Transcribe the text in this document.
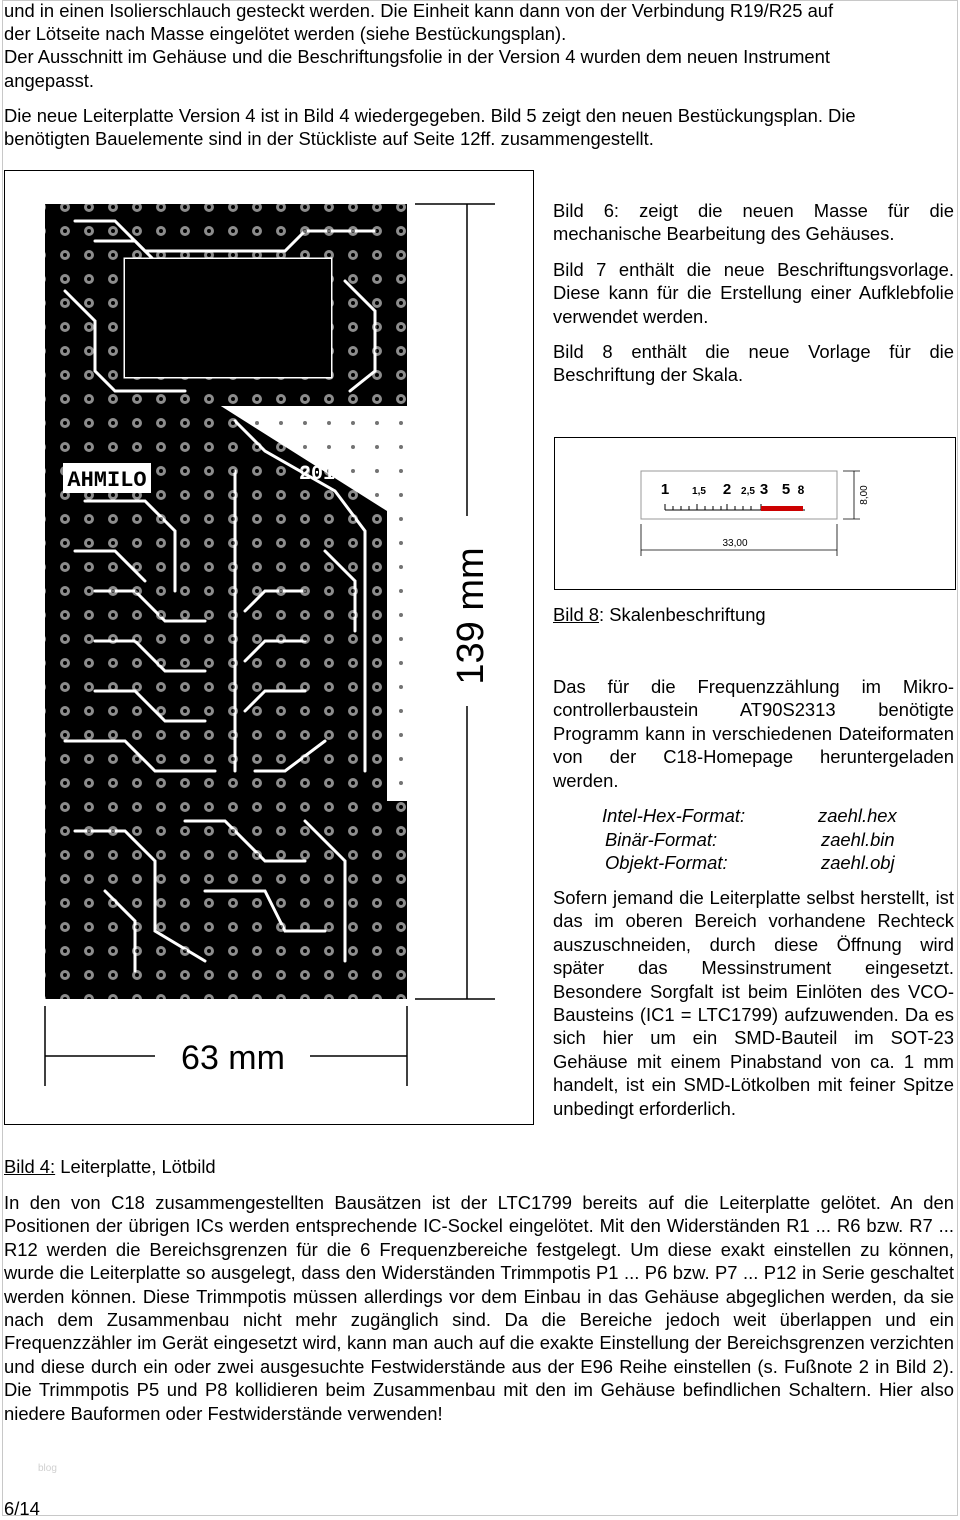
und in einen Isolierschlauch gesteckt werden. Die Einheit kann dann von der Verbindung R19/R25 auf

der Lötseite nach Masse eingelötet werden (siehe Bestückungsplan).

Der Ausschnitt im Gehäuse und die Beschriftungsfolie in der Version 4 wurden dem neuen Instrument

angepasst.

Die neue Leiterplatte Version 4 ist in Bild 4 wiedergegeben. Bild 5 zeigt den neuen Bestückungsplan. Die

benötigten Bauelemente sind in der Stückliste auf Seite 12ff. zusammengestellt.

AHMILO	2010
139 mm
63 mm

Bild 4: Leiterplatte, Lötbild

Bild 6: zeigt die neuen Masse für die mechanische Bearbeitung des Gehäuses.

Bild 7 enthält die neue Beschriftungsvorlage. Diese kann für die Erstellung einer Aufklebfolie verwendet werden.

Bild 8 enthält die neue Vorlage für die Beschriftung der Skala.

1 1,5 2 2,5 3 5 8
33,00
8,00

Bild 8: Skalenbeschriftung

Das für die Frequenzzählung im Mikrocontrollerbaustein AT90S2313 benötigte Programm kann in verschiedenen Dateiformaten von der C18-Homepage heruntergeladen werden.

Intel-Hex-Format:	zaehl.hex
Binär-Format:	zaehl.bin
Objekt-Format:	zaehl.obj

Sofern jemand die Leiterplatte selbst herstellt, ist das im oberen Bereich vorhandene Rechteck auszuschneiden, durch diese Öffnung wird später das Messinstrument eingesetzt. Besondere Sorgfalt ist beim Einlöten des VCO-Bausteins (IC1 = LTC1799) aufzuwenden. Da es sich hier um ein SMD-Bauteil im SOT-23 Gehäuse mit einem Pinabstand von ca. 1 mm handelt, ist ein SMD-Lötkolben mit feiner Spitze unbedingt erforderlich.

In den von C18 zusammengestellten Bausätzen ist der LTC1799 bereits auf die Leiterplatte gelötet. An den Positionen der übrigen ICs werden entsprechende IC-Sockel eingelötet. Mit den Widerständen R1 ... R6 bzw. R7 ... R12 werden die Bereichsgrenzen für die 6 Frequenzbereiche festgelegt. Um diese exakt einstellen zu können, wurde die Leiterplatte so ausgelegt, dass den Widerständen Trimmpotis P1 ... P6 bzw. P7 ... P12 in Serie geschaltet werden können. Diese Trimmpotis müssen allerdings vor dem Einbau in das Gehäuse abgeglichen werden, da sie nach dem Zusammenbau nicht mehr zugänglich sind. Da die Bereiche jedoch weit überlappen und ein Frequenzzähler im Gerät eingesetzt wird, kann man auch auf die exakte Einstellung der Bereichsgrenzen verzichten und diese durch ein oder zwei ausgesuchte Festwiderstände aus der E96 Reihe einstellen (s. Fußnote 2 in Bild 2). Die Trimmpotis P5 und P8 kollidieren beim Zusammenbau mit den im Gehäuse befindlichen Schaltern. Hier also niedere Bauformen oder Festwiderstände verwenden!

blog
6/14
